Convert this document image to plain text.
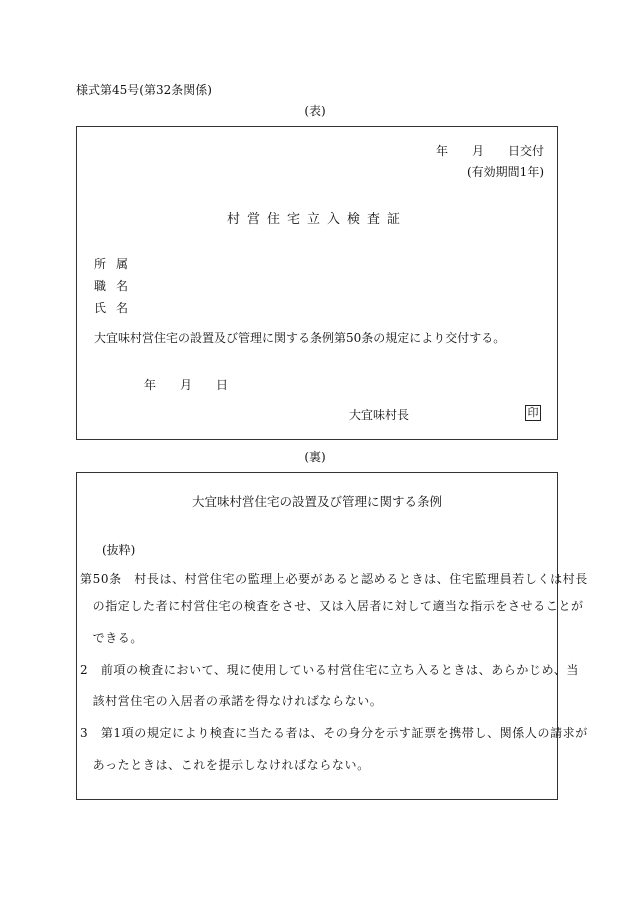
様式第45号(第32条関係)
(表)
年　　月　　日交付
(有効期間1年)
村営住宅立入検査証
所属
職名
氏名
大宜味村営住宅の設置及び管理に関する条例第50条の規定により交付する。
年　　月　　日
大宜味村長	印
(裏)
大宜味村営住宅の設置及び管理に関する条例
(抜粋)
第50条　村長は、村営住宅の監理上必要があると認めるときは、住宅監理員若しくは村長
　の指定した者に村営住宅の検査をさせ、又は入居者に対して適当な指示をさせることが
　できる。
2　前項の検査において、現に使用している村営住宅に立ち入るときは、あらかじめ、当
　該村営住宅の入居者の承諾を得なければならない。
3　第1項の規定により検査に当たる者は、その身分を示す証票を携帯し、関係人の請求が
　あったときは、これを提示しなければならない。
